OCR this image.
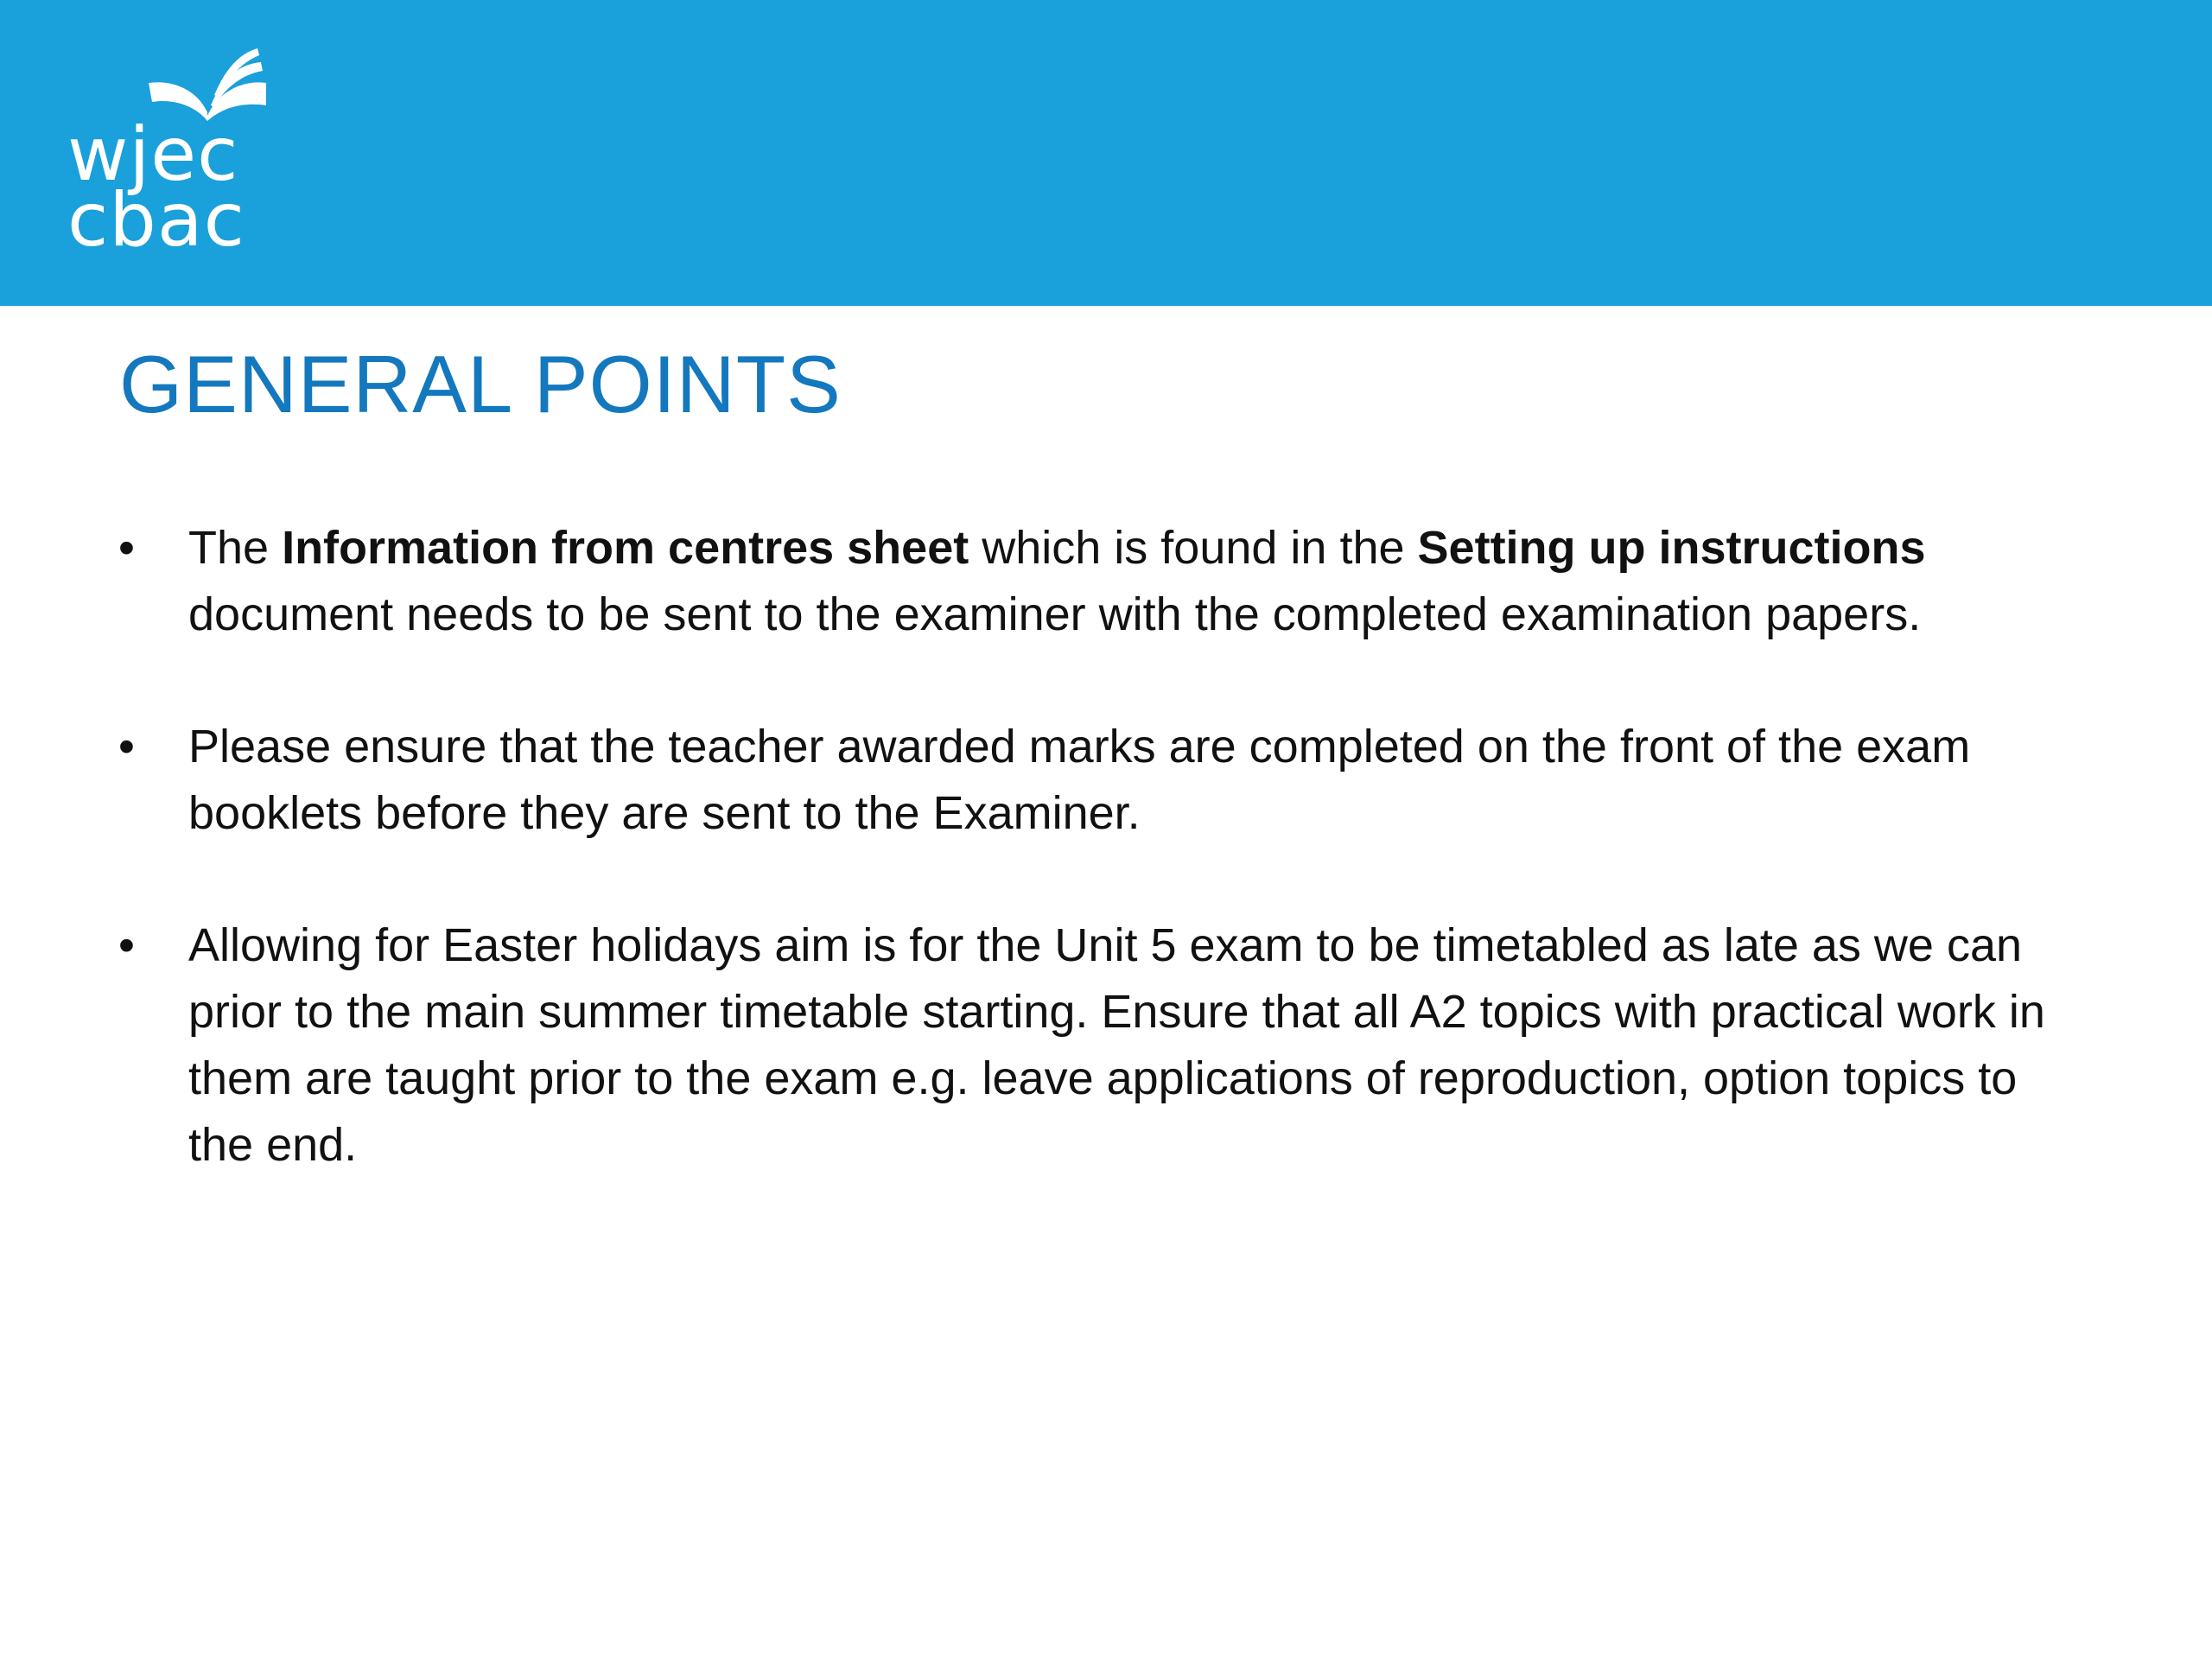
wjec
cbac
GENERAL POINTS
• The Information from centres sheet which is found in the Setting up instructions document needs to be sent to the examiner with the completed examination papers.
• Please ensure that the teacher awarded marks are completed on the front of the exam booklets before they are sent to the Examiner.
• Allowing for Easter holidays aim is for the Unit 5 exam to be timetabled as late as we can prior to the main summer timetable starting. Ensure that all A2 topics with practical work in them are taught prior to the exam e.g. leave applications of reproduction, option topics to the end.
